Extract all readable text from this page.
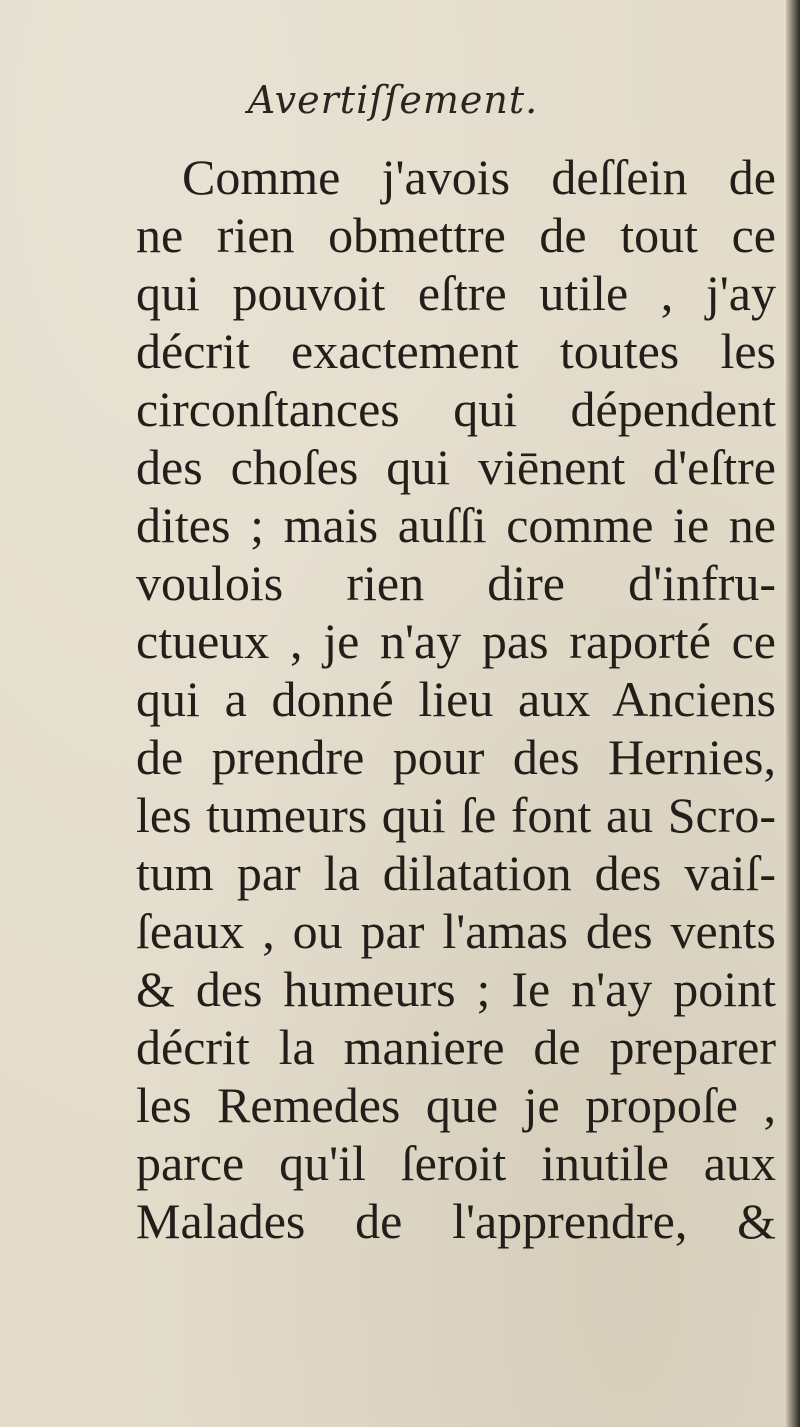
Avertiſſement.
Comme j'avois deſſein de
ne rien obmettre de tout ce
qui pouvoit eſtre utile , j'ay
décrit exactement toutes les
circonſtances qui dépendent
des choſes qui viēnent d'eſtre
dites ; mais auſſi comme ie ne
voulois rien dire d'infru-
ctueux , je n'ay pas raporté ce
qui a donné lieu aux Anciens
de prendre pour des Hernies,
les tumeurs qui ſe font au Scro-
tum par la dilatation des vaiſ-
ſeaux , ou par l'amas des vents
& des humeurs ; Ie n'ay point
décrit la maniere de preparer
les Remedes que je propoſe ,
parce qu'il ſeroit inutile aux
Malades de l'apprendre, &
